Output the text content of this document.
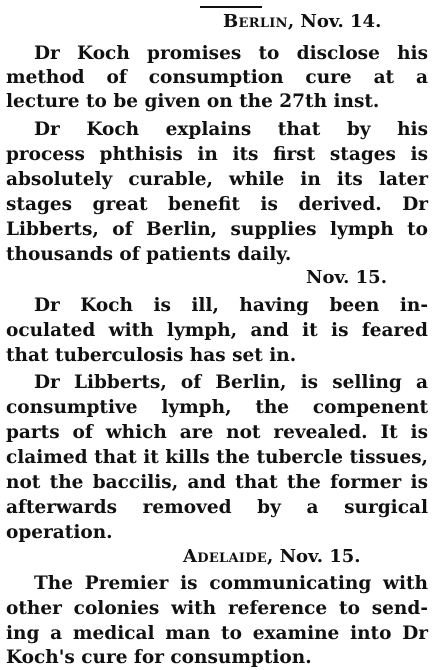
Berlin, Nov. 14.

Dr Koch promises to disclose his

method of consumption cure at a

lecture to be given on the 27th inst.

Dr Koch explains that by his

process phthisis in its first stages is

absolutely curable, while in its later

stages great benefit is derived. Dr

Libberts, of Berlin, supplies lymph to

thousands of patients daily.

Nov. 15.

Dr Koch is ill, having been in-

oculated with lymph, and it is feared

that tuberculosis has set in.

Dr Libberts, of Berlin, is selling a

consumptive lymph, the compenent

parts of which are not revealed. It is

claimed that it kills the tubercle tissues,

not the baccilis, and that the former is

afterwards removed by a surgical

operation.

Adelaide, Nov. 15.

The Premier is communicating with

other colonies with reference to send-

ing a medical man to examine into Dr

Koch's cure for consumption.
